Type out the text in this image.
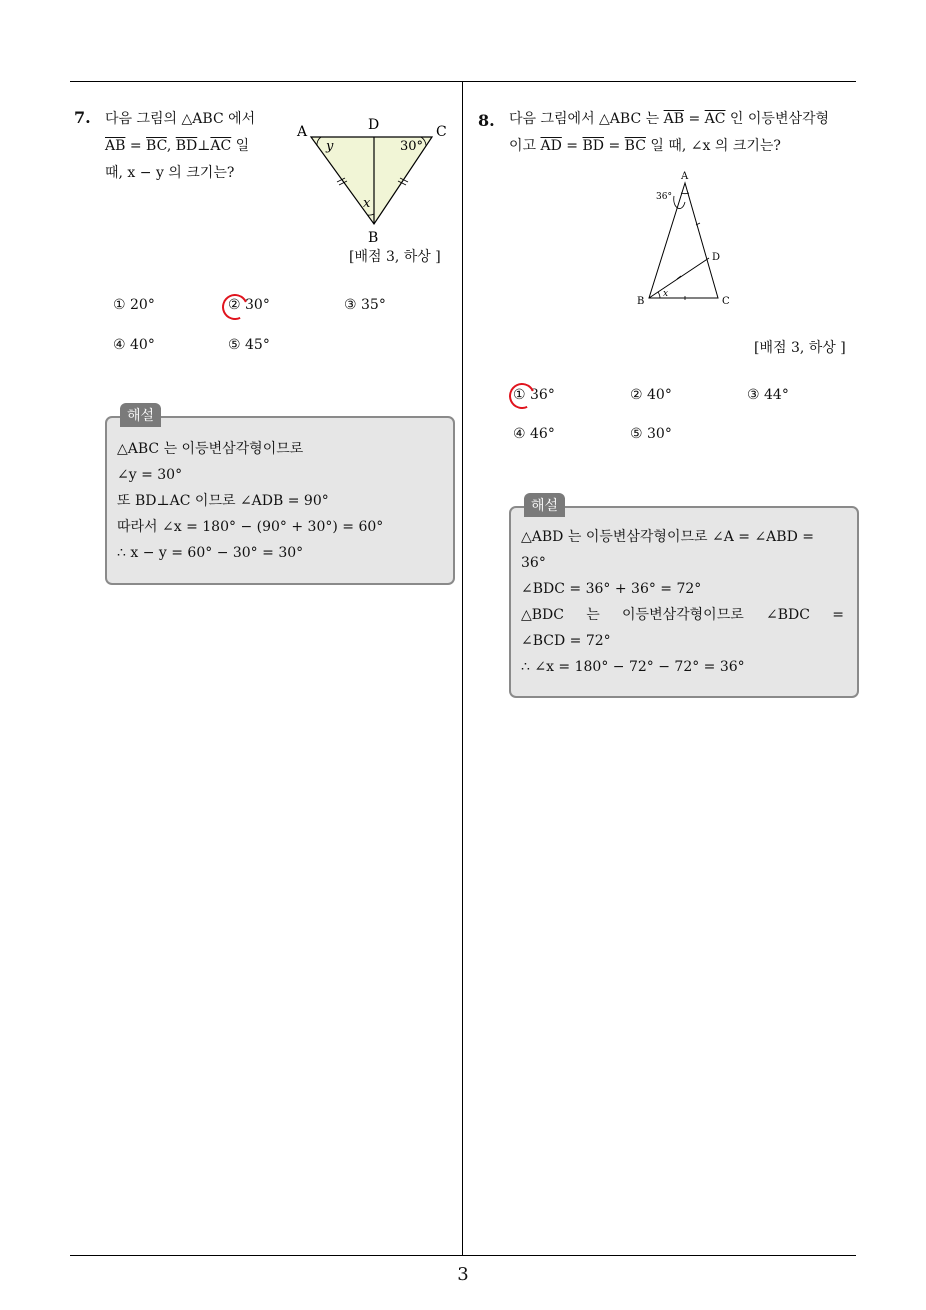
7. 다음 그림의 △ABC 에서
$\overline{AB} = \overline{BC}$, $\overline{BD}\perp\overline{AC}$ 일
때, x − y 의 크기는?
A	D	C
B
y
x
30°
[배점 3, 하상 ]
① 20°	② 30°	③ 35°
④ 40°	⑤ 45°
해설
△ABC 는 이등변삼각형이므로
∠y = 30°
또 BD⊥AC 이므로 ∠ADB = 90°
따라서 ∠x = 180° − (90° + 30°) = 60°
∴ x − y = 60° − 30° = 30°
8. 다음 그림에서 △ABC 는 $\overline{AB} = \overline{AC}$ 인 이등변삼각형
이고 $\overline{AD} = \overline{BD} = \overline{BC}$ 일 때, ∠x 의 크기는?
A
36°
D
B	C
x
[배점 3, 하상 ]
① 36°	② 40°	③ 44°
④ 46°	⑤ 30°
해설
△ABD 는 이등변삼각형이므로 ∠A = ∠ABD =
36°
∠BDC = 36° + 36° = 72°
△BDC 는 이등변삼각형이므로 ∠BDC =
∠BCD = 72°
∴ ∠x = 180° − 72° − 72° = 36°
3
